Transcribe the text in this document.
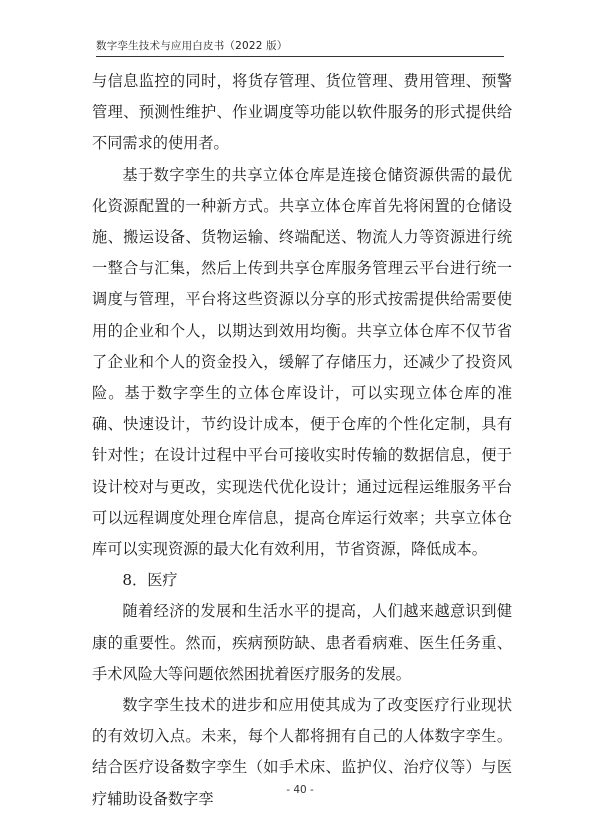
数字孪生技术与应用白皮书（2022 版）

与信息监控的同时，将货存管理、货位管理、费用管理、预警管理、预测性维护、作业调度等功能以软件服务的形式提供给不同需求的使用者。

基于数字孪生的共享立体仓库是连接仓储资源供需的最优化资源配置的一种新方式。共享立体仓库首先将闲置的仓储设施、搬运设备、货物运输、终端配送、物流人力等资源进行统一整合与汇集，然后上传到共享仓库服务管理云平台进行统一调度与管理，平台将这些资源以分享的形式按需提供给需要使用的企业和个人，以期达到效用均衡。共享立体仓库不仅节省了企业和个人的资金投入，缓解了存储压力，还减少了投资风险。基于数字孪生的立体仓库设计，可以实现立体仓库的准确、快速设计，节约设计成本，便于仓库的个性化定制，具有针对性；在设计过程中平台可接收实时传输的数据信息，便于设计校对与更改，实现迭代优化设计；通过远程运维服务平台可以远程调度处理仓库信息，提高仓库运行效率；共享立体仓库可以实现资源的最大化有效利用，节省资源，降低成本。

8．医疗

随着经济的发展和生活水平的提高，人们越来越意识到健康的重要性。然而，疾病预防缺、患者看病难、医生任务重、手术风险大等问题依然困扰着医疗服务的发展。

数字孪生技术的进步和应用使其成为了改变医疗行业现状的有效切入点。未来，每个人都将拥有自己的人体数字孪生。结合医疗设备数字孪生（如手术床、监护仪、治疗仪等）与医疗辅助设备数字孪	- 40 -
